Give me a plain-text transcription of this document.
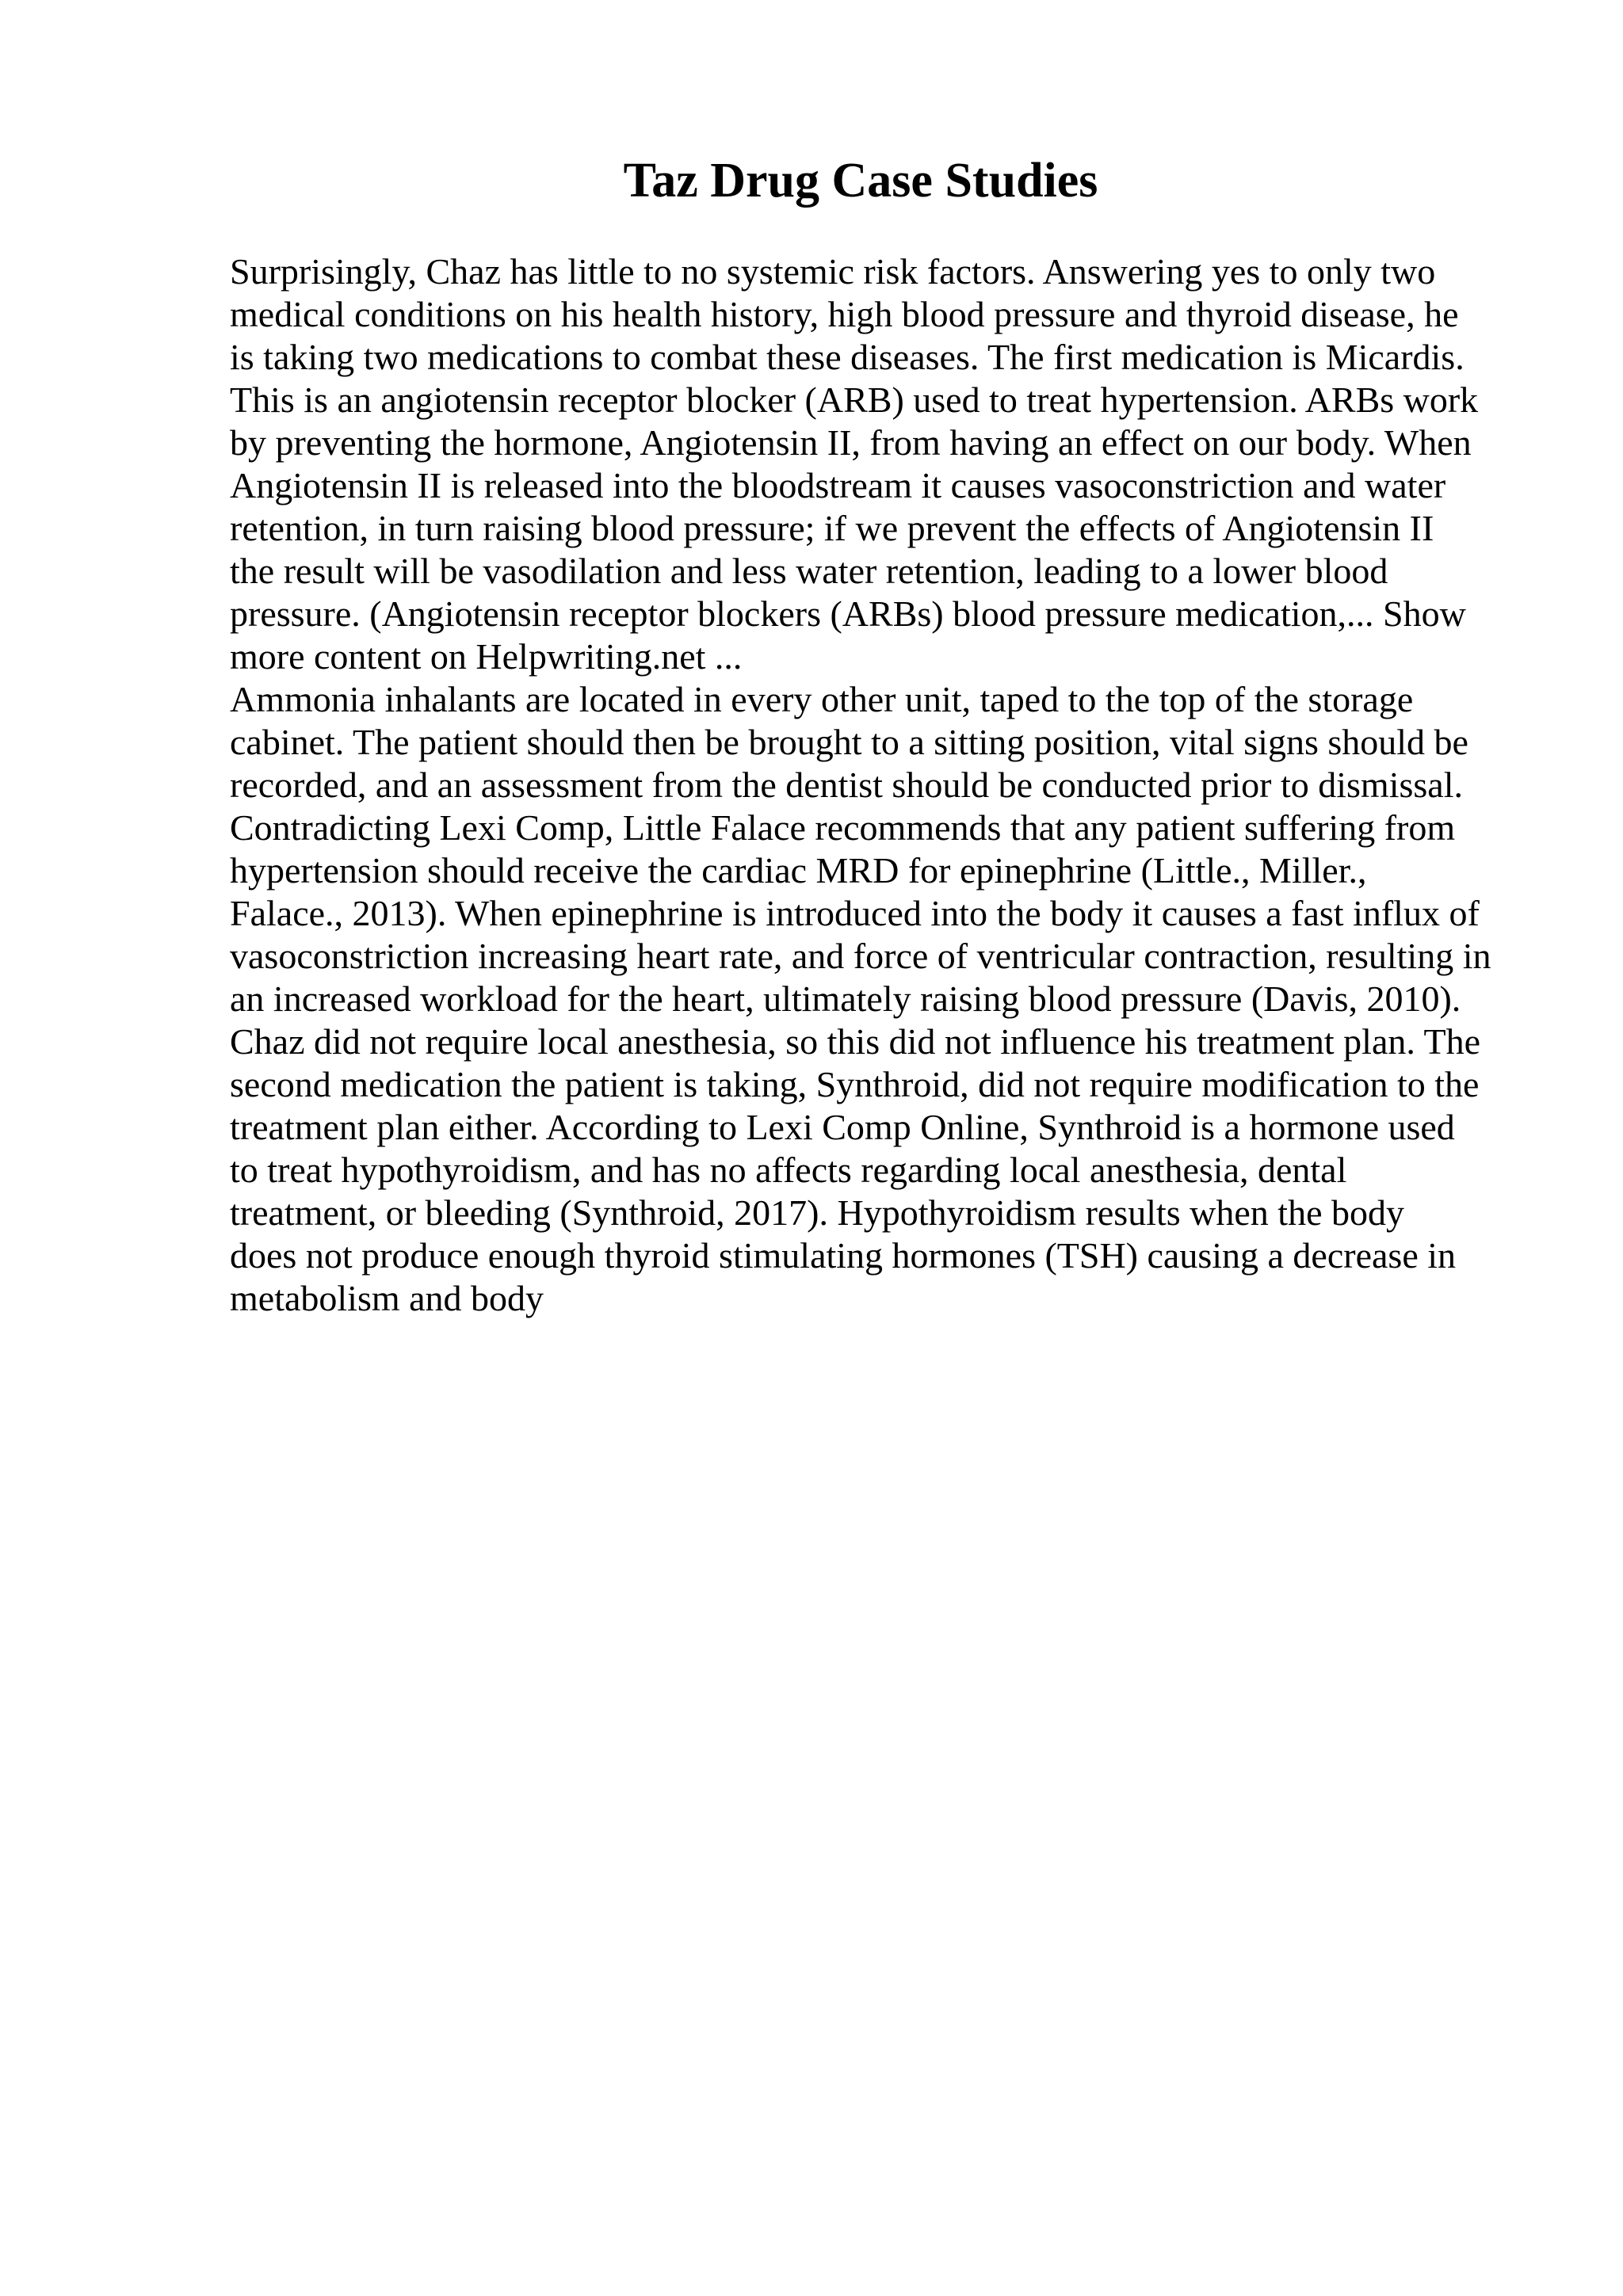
Taz Drug Case Studies
Surprisingly, Chaz has little to no systemic risk factors. Answering yes to only two
medical conditions on his health history, high blood pressure and thyroid disease, he
is taking two medications to combat these diseases. The first medication is Micardis.
This is an angiotensin receptor blocker (ARB) used to treat hypertension. ARBs work
by preventing the hormone, Angiotensin II, from having an effect on our body. When
Angiotensin II is released into the bloodstream it causes vasoconstriction and water
retention, in turn raising blood pressure; if we prevent the effects of Angiotensin II
the result will be vasodilation and less water retention, leading to a lower blood
pressure. (Angiotensin receptor blockers (ARBs) blood pressure medication,... Show
more content on Helpwriting.net ...
Ammonia inhalants are located in every other unit, taped to the top of the storage
cabinet. The patient should then be brought to a sitting position, vital signs should be
recorded, and an assessment from the dentist should be conducted prior to dismissal.
Contradicting Lexi Comp, Little Falace recommends that any patient suffering from
hypertension should receive the cardiac MRD for epinephrine (Little., Miller.,
Falace., 2013). When epinephrine is introduced into the body it causes a fast influx of
vasoconstriction increasing heart rate, and force of ventricular contraction, resulting in
an increased workload for the heart, ultimately raising blood pressure (Davis, 2010).
Chaz did not require local anesthesia, so this did not influence his treatment plan. The
second medication the patient is taking, Synthroid, did not require modification to the
treatment plan either. According to Lexi Comp Online, Synthroid is a hormone used
to treat hypothyroidism, and has no affects regarding local anesthesia, dental
treatment, or bleeding (Synthroid, 2017). Hypothyroidism results when the body
does not produce enough thyroid stimulating hormones (TSH) causing a decrease in
metabolism and body
